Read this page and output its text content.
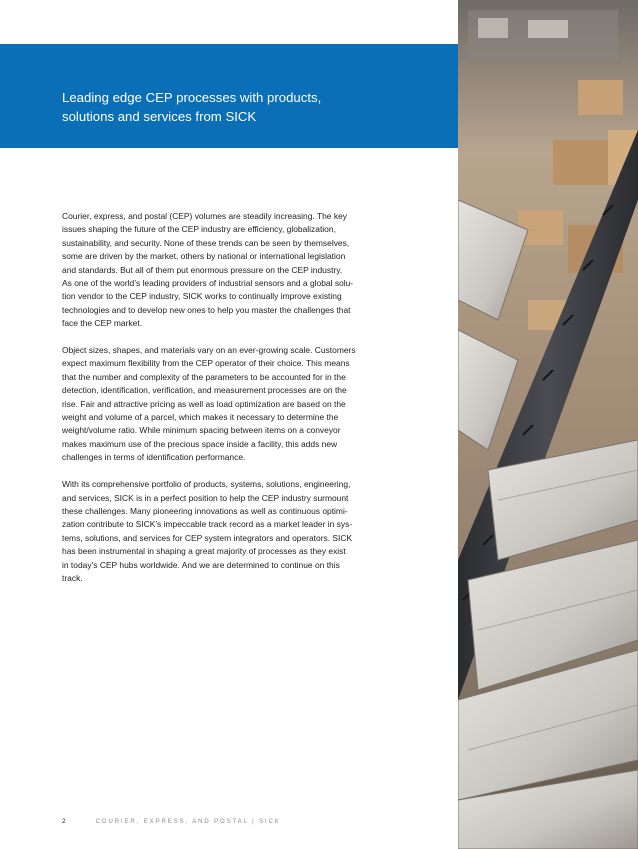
Leading edge CEP processes with products,
solutions and services from SICK

Courier, express, and postal (CEP) volumes are steadily increasing. The key
issues shaping the future of the CEP industry are efficiency, globalization,
sustainability, and security. None of these trends can be seen by themselves,
some are driven by the market, others by national or international legislation
and standards. But all of them put enormous pressure on the CEP industry.
As one of the world’s leading providers of industrial sensors and a global solu-
tion vendor to the CEP industry, SICK works to continually improve existing
technologies and to develop new ones to help you master the challenges that
face the CEP market.

Object sizes, shapes, and materials vary on an ever-growing scale. Customers
expect maximum flexibility from the CEP operator of their choice. This means
that the number and complexity of the parameters to be accounted for in the
detection, identification, verification, and measurement processes are on the
rise. Fair and attractive pricing as well as load optimization are based on the
weight and volume of a parcel, which makes it necessary to determine the
weight/volume ratio. While minimum spacing between items on a conveyor
makes maximum use of the precious space inside a facility, this adds new
challenges in terms of identification performance.

With its comprehensive portfolio of products, systems, solutions, engineering,
and services, SICK is in a perfect position to help the CEP industry surmount
these challenges. Many pioneering innovations as well as continuous optimi-
zation contribute to SICK’s impeccable track record as a market leader in sys-
tems, solutions, and services for CEP system integrators and operators. SICK
has been instrumental in shaping a great majority of processes as they exist
in today’s CEP hubs worldwide. And we are determined to continue on this
track.

2	COURIER, EXPRESS, AND POSTAL | SICK
